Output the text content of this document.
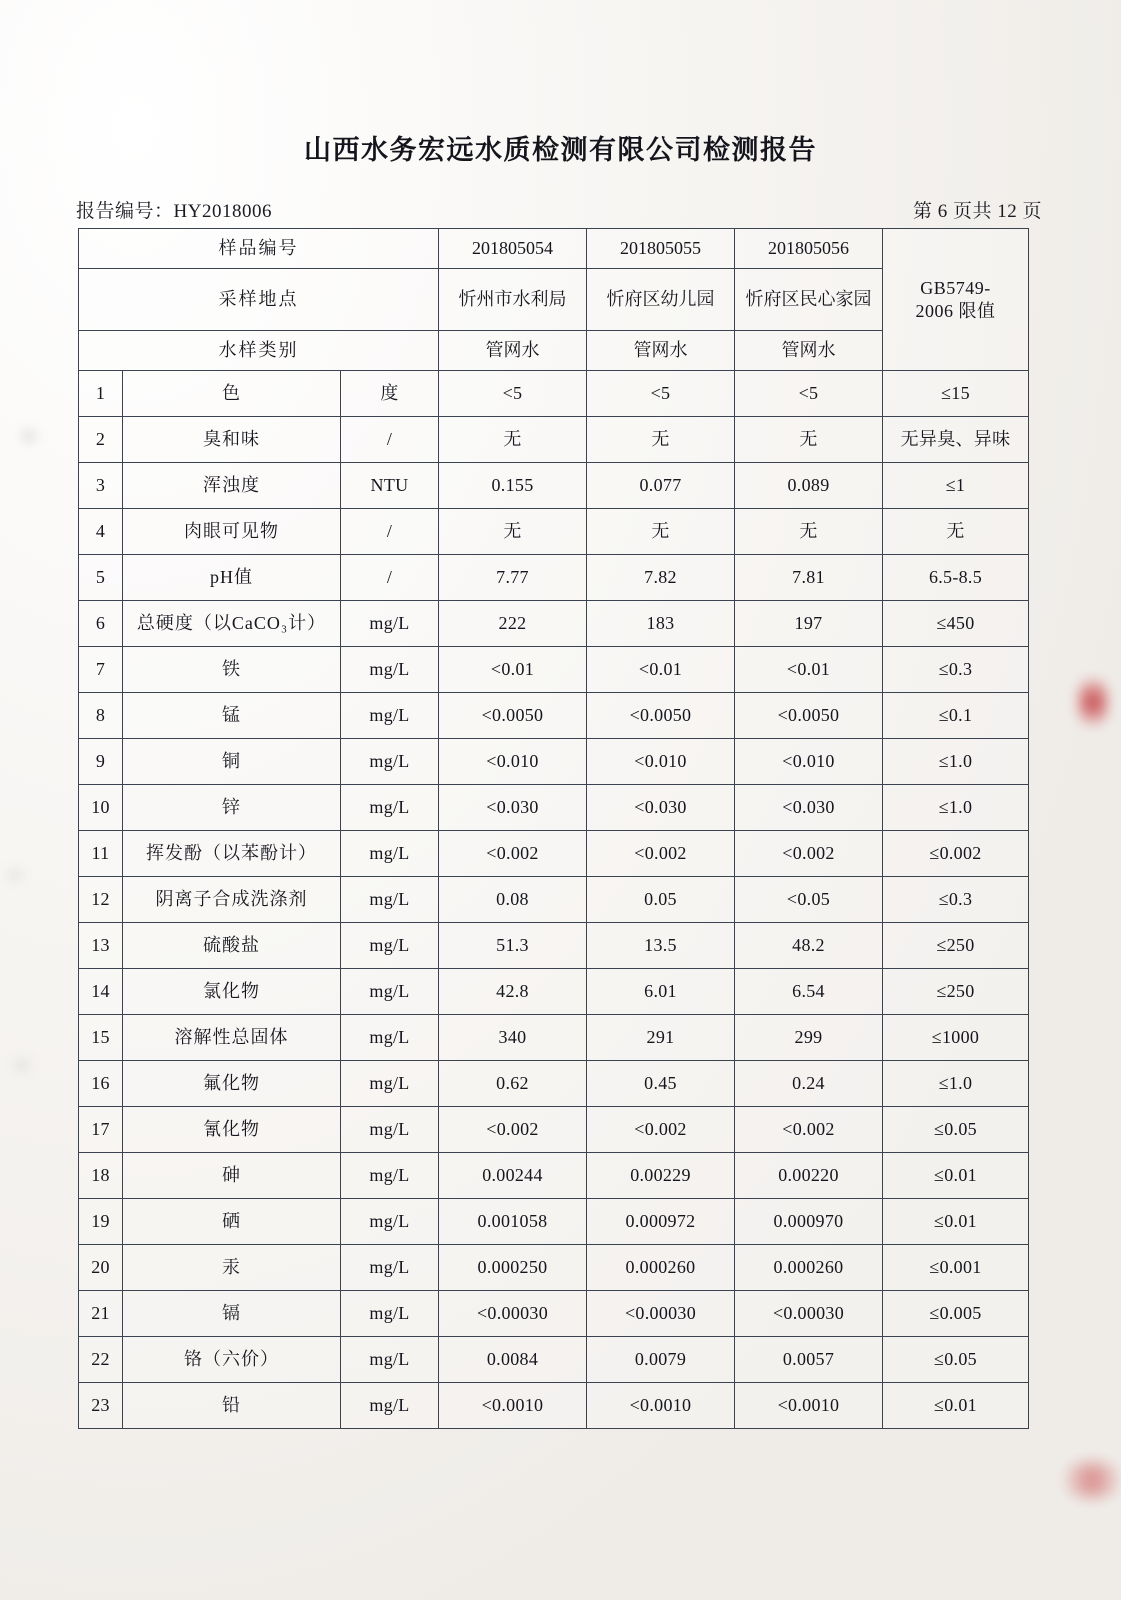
山西水务宏远水质检测有限公司检测报告
报告编号：HY2018006	第 6 页共 12 页
样品编号			201805054	201805055	201805056	GB5749-
2006 限值

采样地点			忻州市水利局	忻府区幼儿园	忻府区民心家园	
水样类别			管网水	管网水	管网水	
1	色	度	<5	<5	<5	≤15
2	臭和味	/	无	无	无	无异臭、异味
3	浑浊度	NTU	0.155	0.077	0.089	≤1
4	肉眼可见物	/	无	无	无	无
5	pH值	/	7.77	7.82	7.81	6.5-8.5
6	总硬度（以CaCO₃计）	mg/L	222	183	197	≤450
7	铁	mg/L	<0.01	<0.01	<0.01	≤0.3
8	锰	mg/L	<0.0050	<0.0050	<0.0050	≤0.1
9	铜	mg/L	<0.010	<0.010	<0.010	≤1.0
10	锌	mg/L	<0.030	<0.030	<0.030	≤1.0
11	挥发酚（以苯酚计）	mg/L	<0.002	<0.002	<0.002	≤0.002
12	阴离子合成洗涤剂	mg/L	0.08	0.05	<0.05	≤0.3
13	硫酸盐	mg/L	51.3	13.5	48.2	≤250
14	氯化物	mg/L	42.8	6.01	6.54	≤250
15	溶解性总固体	mg/L	340	291	299	≤1000
16	氟化物	mg/L	0.62	0.45	0.24	≤1.0
17	氰化物	mg/L	<0.002	<0.002	<0.002	≤0.05
18	砷	mg/L	0.00244	0.00229	0.00220	≤0.01
19	硒	mg/L	0.001058	0.000972	0.000970	≤0.01
20	汞	mg/L	0.000250	0.000260	0.000260	≤0.001
21	镉	mg/L	<0.00030	<0.00030	<0.00030	≤0.005
22	铬（六价）	mg/L	0.0084	0.0079	0.0057	≤0.05
23	铅	mg/L	<0.0010	<0.0010	<0.0010	≤0.01
